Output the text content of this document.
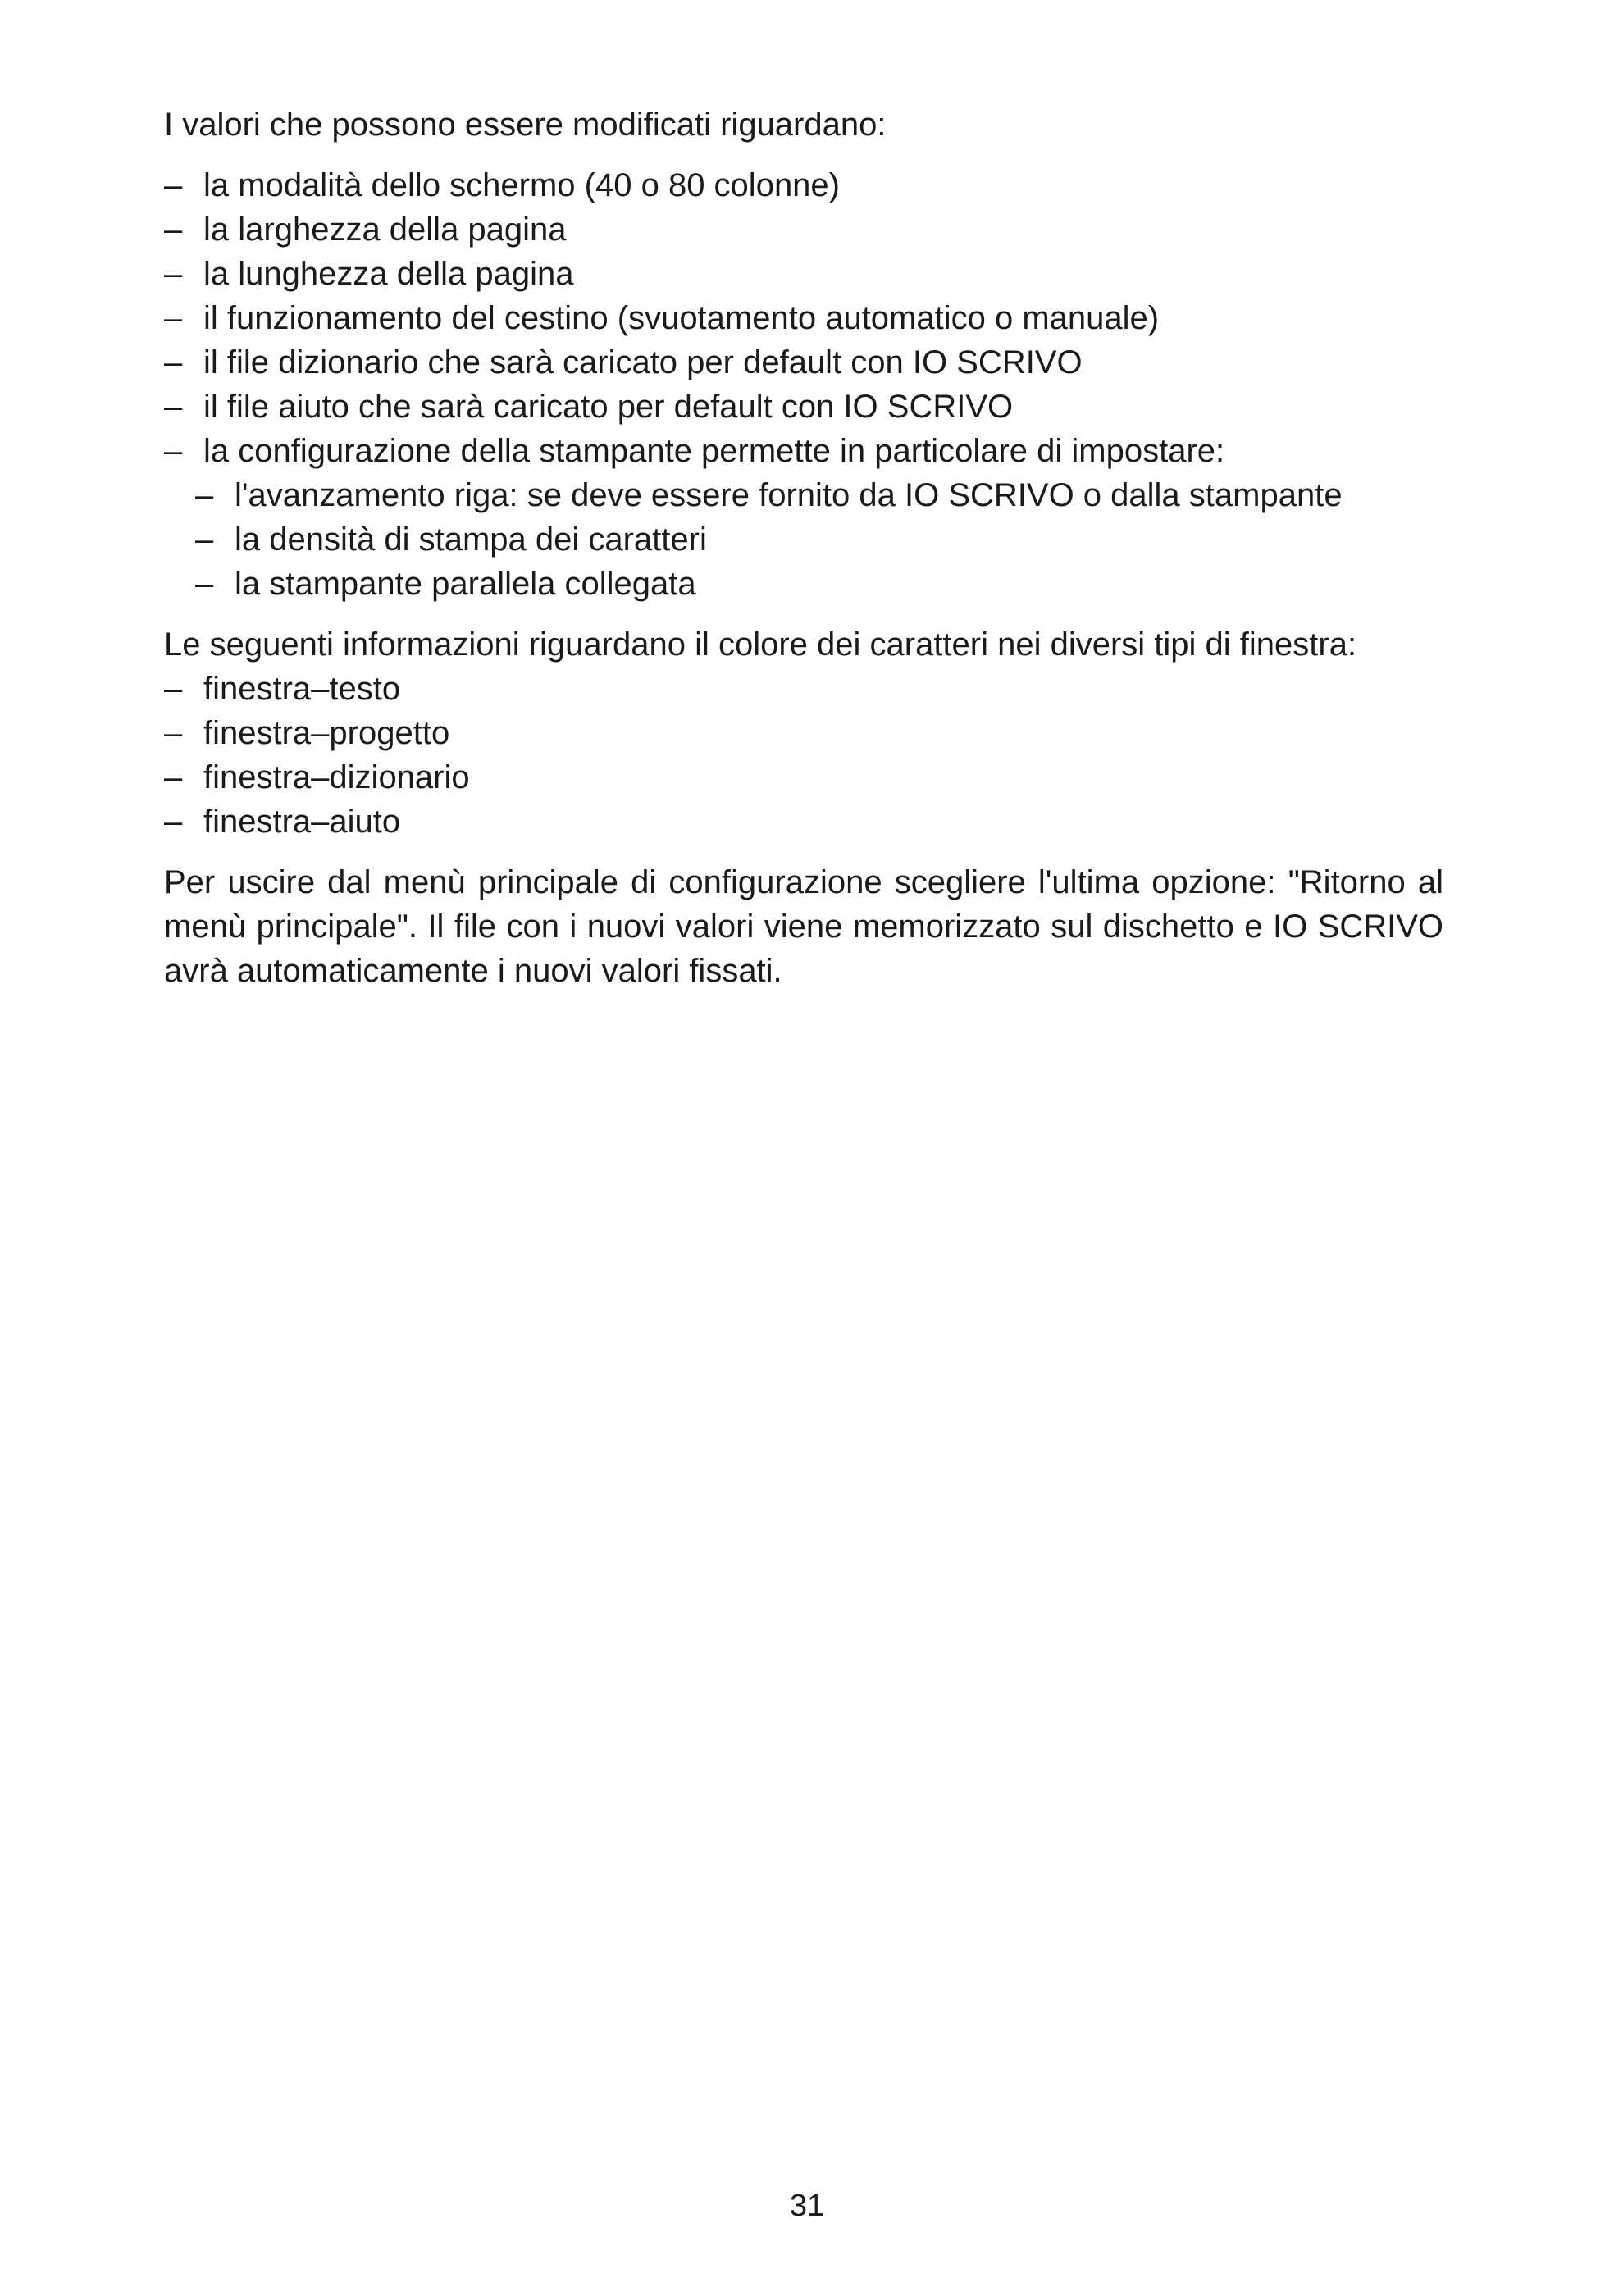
I valori che possono essere modificati riguardano:

– la modalità dello schermo (40 o 80 colonne)
– la larghezza della pagina
– la lunghezza della pagina
– il funzionamento del cestino (svuotamento automatico o manuale)
– il file dizionario che sarà caricato per default con IO SCRIVO
– il file aiuto che sarà caricato per default con IO SCRIVO
– la configurazione della stampante permette in particolare di impostare:
– l'avanzamento riga: se deve essere fornito da IO SCRIVO o dalla stampante
– la densità di stampa dei caratteri
– la stampante parallela collegata

Le seguenti informazioni riguardano il colore dei caratteri nei diversi tipi di finestra:

– finestra–testo
– finestra–progetto
– finestra–dizionario
– finestra–aiuto

Per uscire dal menù principale di configurazione scegliere l'ultima opzione: "Ritorno al menù principale". Il file con i nuovi valori viene memorizzato sul dischetto e IO SCRIVO avrà automaticamente i nuovi valori fissati.

31
